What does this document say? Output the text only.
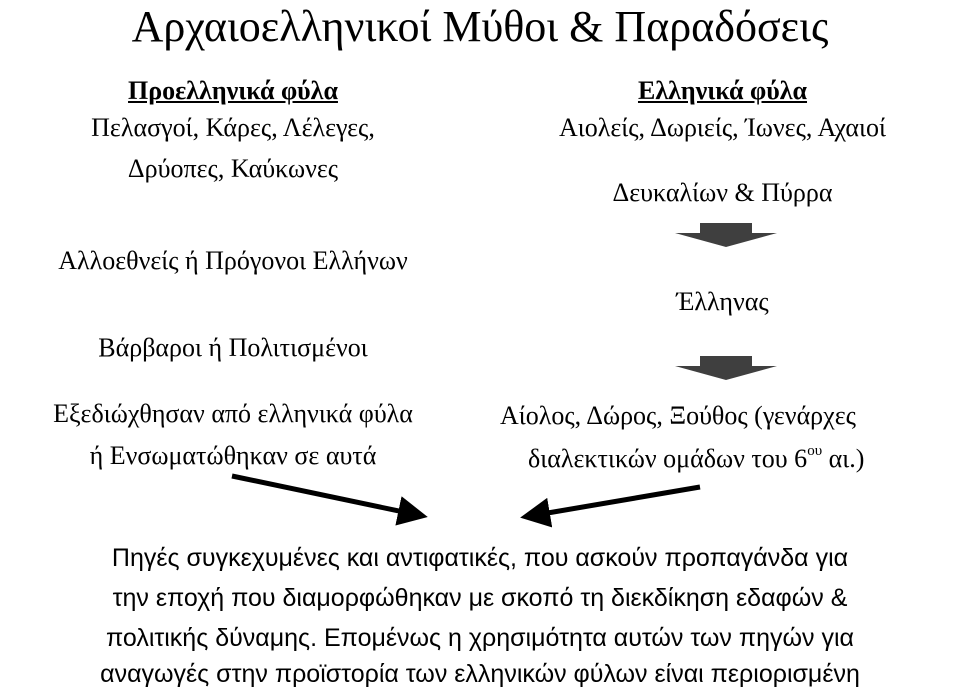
Αρχαιοελληνικοί Μύθοι & Παραδόσεις
Προελληνικά φύλα
Πελασγοί, Κάρες, Λέλεγες,
Δρύοπες, Καύκωνες
Αλλοεθνείς ή Πρόγονοι Ελλήνων
Βάρβαροι ή Πολιτισμένοι
Εξεδιώχθησαν από ελληνικά φύλα
ή Ενσωματώθηκαν σε αυτά
Ελληνικά φύλα
Αιολείς, Δωριείς, Ίωνες, Αχαιοί
Δευκαλίων & Πύρρα
Έλληνας
Αίολος, Δώρος, Ξούθος (γενάρχες
διαλεκτικών ομάδων του $6^{o\upsilon}$ αι.)
Πηγές συγκεχυμένες και αντιφατικές, που ασκούν προπαγάνδα για
την εποχή που διαμορφώθηκαν με σκοπό τη διεκδίκηση εδαφών &
πολιτικής δύναμης. Επομένως η χρησιμότητα αυτών των πηγών για
αναγωγές στην προϊστορία των ελληνικών φύλων είναι περιορισμένη
